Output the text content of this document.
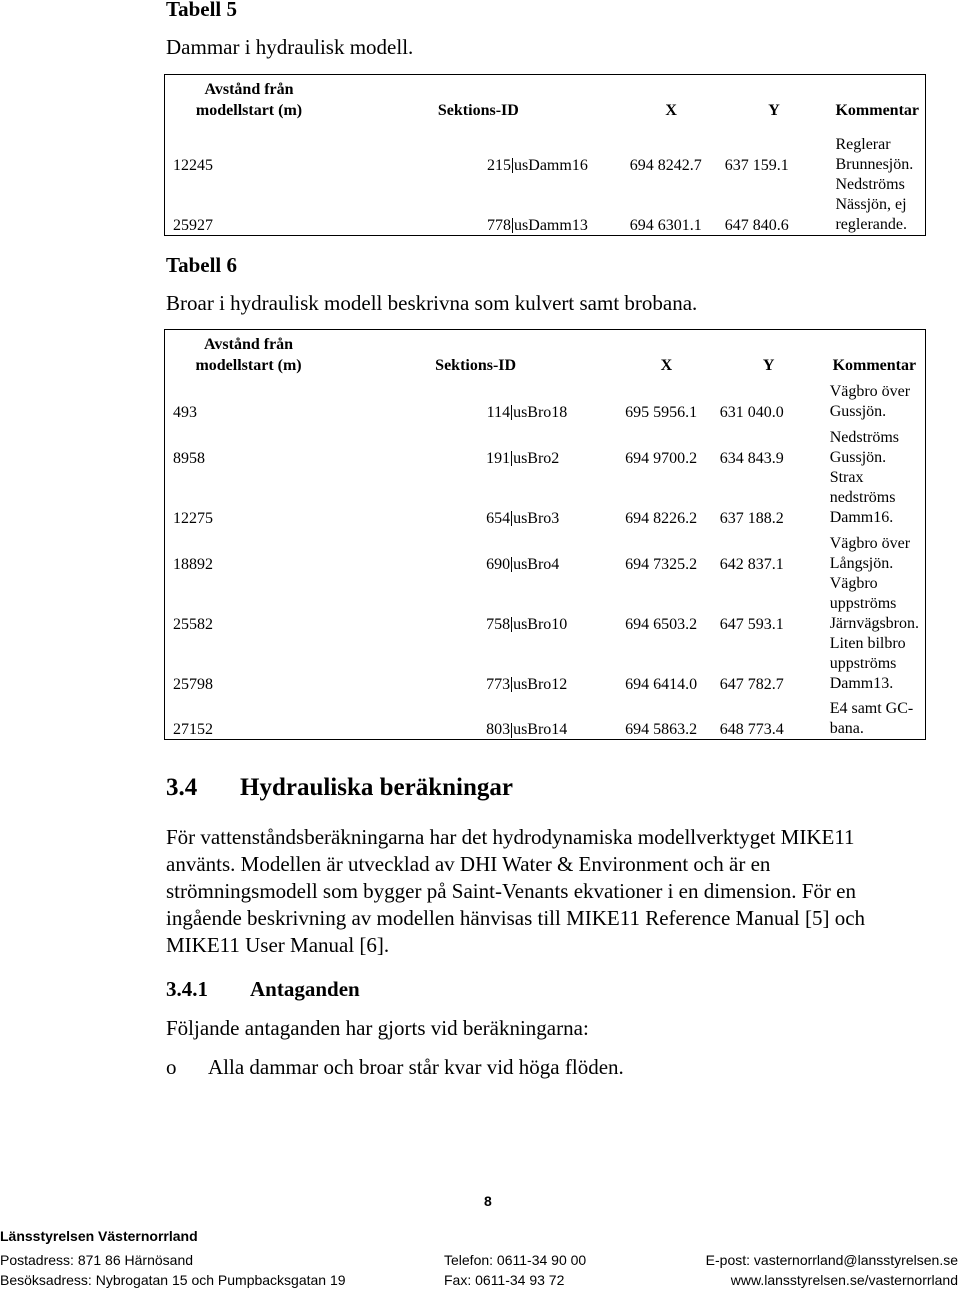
Tabell 5
Dammar i hydraulisk modell.
Avstånd från modellstart (m)	Sektions-ID	X	Y	Kommentar
12245	215 usDamm16	694 8242.7	637 159.1	Reglerar Brunnesjön.
25927	778 usDamm13	694 6301.1	647 840.6	Nedströms Nässjön, ej reglerande.
Tabell 6
Broar i hydraulisk modell beskrivna som kulvert samt brobana.
Avstånd från modellstart (m)	Sektions-ID	X	Y	Kommentar
493	114 usBro18	695 5956.1	631 040.0	Vägbro över Gussjön.
8958	191 usBro2	694 9700.2	634 843.9	Nedströms Gussjön.
12275	654 usBro3	694 8226.2	637 188.2	Strax nedströms Damm16.
18892	690 usBro4	694 7325.2	642 837.1	Vägbro över Långsjön.
25582	758 usBro10	694 6503.2	647 593.1	Vägbro uppströms Järnvägsbron.
25798	773 usBro12	694 6414.0	647 782.7	Liten bilbro uppströms Damm13.
27152	803 usBro14	694 5863.2	648 773.4	E4 samt GC-bana.
3.4 Hydrauliska beräkningar

För vattenståndsberäkningarna har det hydrodynamiska modellverktyget MIKE11 använts. Modellen är utvecklad av DHI Water & Environment och är en strömningsmodell som bygger på Saint-Venants ekvationer i en dimension. För en ingående beskrivning av modellen hänvisas till MIKE11 Reference Manual [5] och MIKE11 User Manual [6].

3.4.1 Antaganden
Följande antaganden har gjorts vid beräkningarna:
o Alla dammar och broar står kvar vid höga flöden.
8
Länsstyrelsen Västernorrland
Postadress: 871 86 Härnösand	Telefon: 0611-34 90 00	E-post: vasternorrland@lansstyrelsen.se
Besöksadress: Nybrogatan 15 och Pumpbacksgatan 19	Fax: 0611-34 93 72	www.lansstyrelsen.se/vasternorrland
